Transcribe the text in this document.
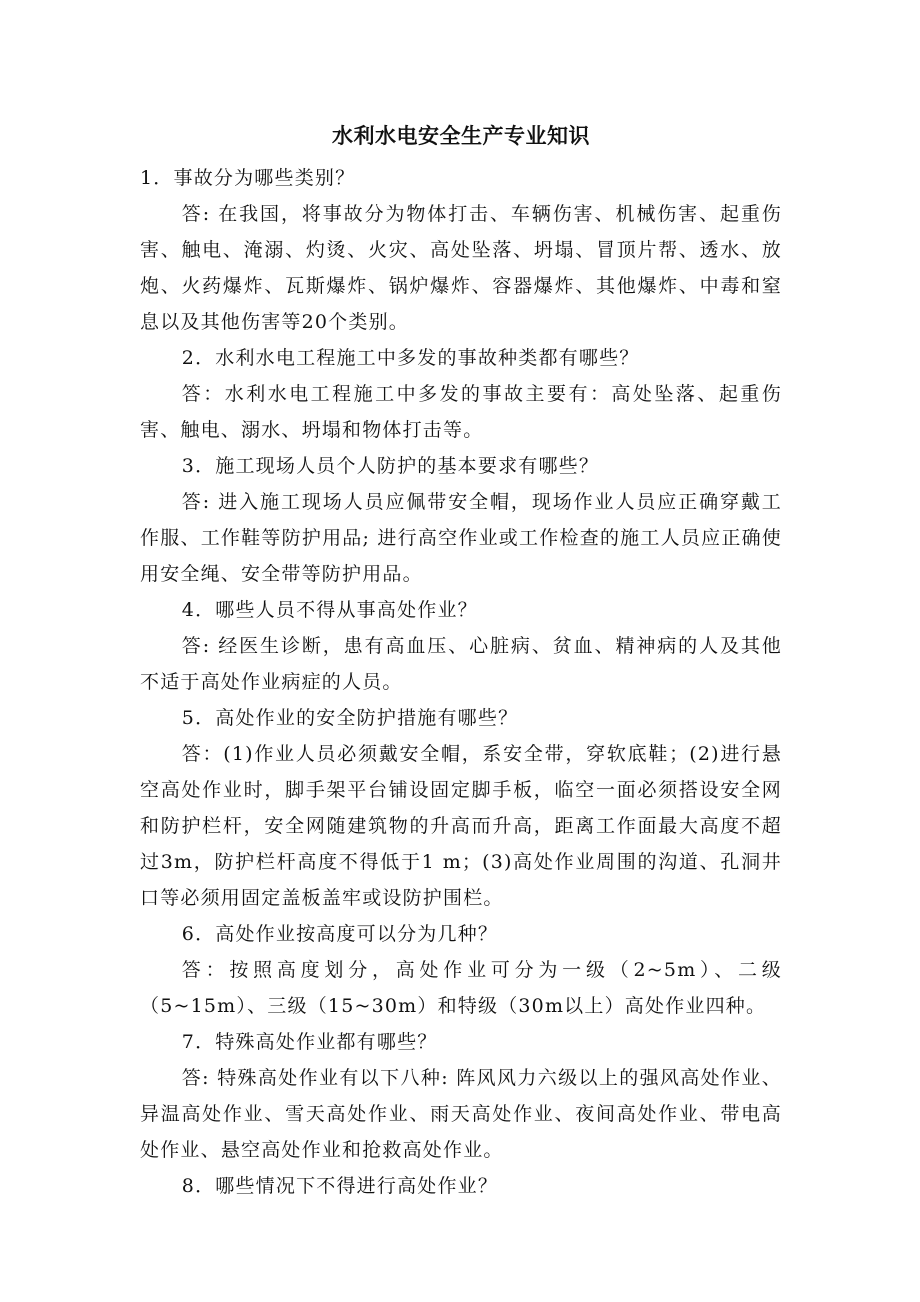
水利水电安全生产专业知识

1．事故分为哪些类别？

答: 在我国，将事故分为物体打击、车辆伤害、机械伤害、起重伤害、触电、淹溺、灼烫、火灾、高处坠落、坍塌、冒顶片帮、透水、放炮、火药爆炸、瓦斯爆炸、锅炉爆炸、容器爆炸、其他爆炸、中毒和窒息以及其他伤害等20个类别。

2．水利水电工程施工中多发的事故种类都有哪些？

答：水利水电工程施工中多发的事故主要有：高处坠落、起重伤害、触电、溺水、坍塌和物体打击等。

3．施工现场人员个人防护的基本要求有哪些？

答: 进入施工现场人员应佩带安全帽，现场作业人员应正确穿戴工作服、工作鞋等防护用品; 进行高空作业或工作检查的施工人员应正确使用安全绳、安全带等防护用品。

4．哪些人员不得从事高处作业？

答: 经医生诊断，患有高血压、心脏病、贫血、精神病的人及其他不适于高处作业病症的人员。

5．高处作业的安全防护措施有哪些？

答：(1)作业人员必须戴安全帽，系安全带，穿软底鞋；(2)进行悬空高处作业时，脚手架平台铺设固定脚手板，临空一面必须搭设安全网和防护栏杆，安全网随建筑物的升高而升高，距离工作面最大高度不超过3m，防护栏杆高度不得低于1 m；(3)高处作业周围的沟道、孔洞井口等必须用固定盖板盖牢或设防护围栏。

6．高处作业按高度可以分为几种？

答：按照高度划分，高处作业可分为一级（2~5m）、二级（5~15m）、三级（15~30m）和特级（30m以上）高处作业四种。

7．特殊高处作业都有哪些？

答: 特殊高处作业有以下八种: 阵风风力六级以上的强风高处作业、异温高处作业、雪天高处作业、雨天高处作业、夜间高处作业、带电高处作业、悬空高处作业和抢救高处作业。

8．哪些情况下不得进行高处作业？
